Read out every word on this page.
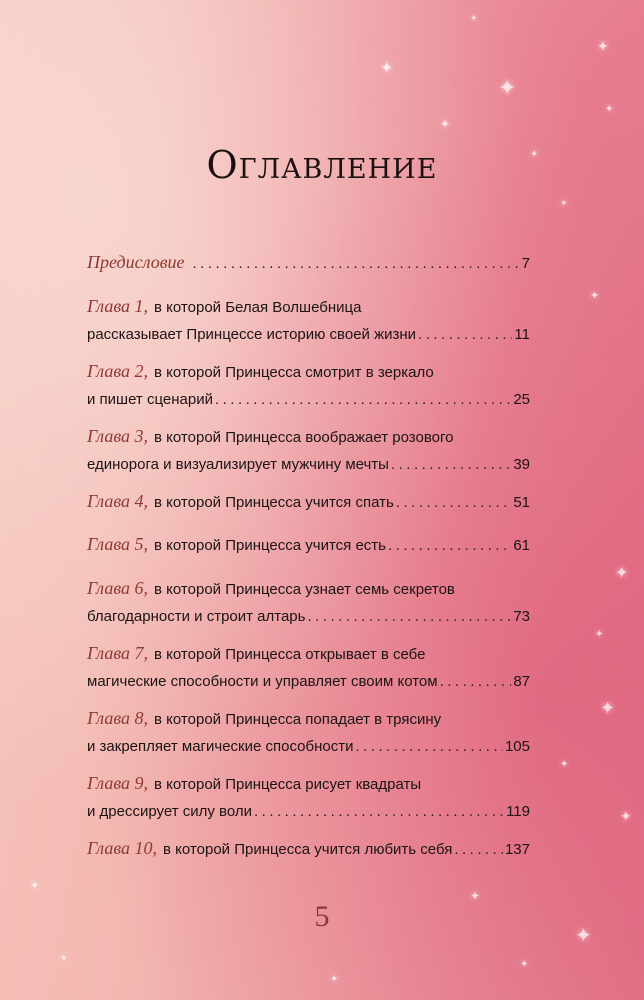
✦
✦
✦
✦
✦
✦
✦
✦
✦
✦
✦
✦
✦
✦
✦
✦
✦
✦
✦
✦
Оглавление
Предисловие .....	7
Глава 1, в которой Белая Волшебница
рассказывает Принцессе историю своей жизни .....	11
Глава 2, в которой Принцесса смотрит в зеркало
и пишет сценарий .....	25
Глава 3, в которой Принцесса воображает розового
единорога и визуализирует мужчину мечты .....	39
Глава 4, в которой Принцесса учится спать .....	51
Глава 5, в которой Принцесса учится есть .....	61
Глава 6, в которой Принцесса узнает семь секретов
благодарности и строит алтарь .....	73
Глава 7, в которой Принцесса открывает в себе
магические способности и управляет своим котом .....	87
Глава 8, в которой Принцесса попадает в трясину
и закрепляет магические способности .....	105
Глава 9, в которой Принцесса рисует квадраты
и дрессирует силу воли .....	119
Глава 10, в которой Принцесса учится любить себя .....	137
5
